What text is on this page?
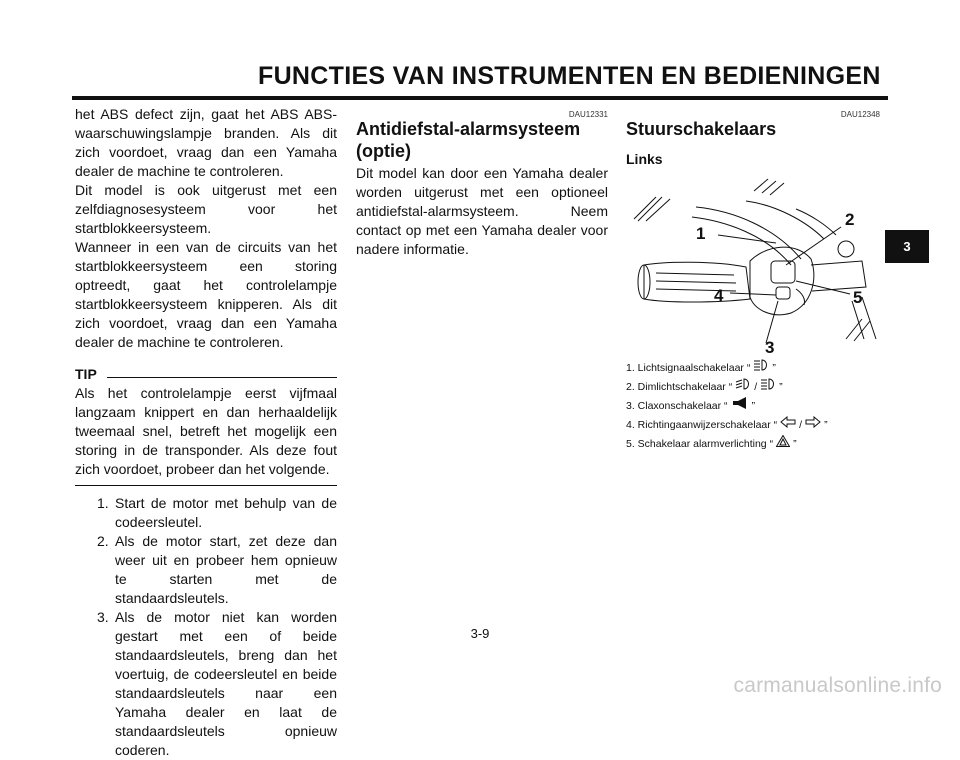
FUNCTIES VAN INSTRUMENTEN EN BEDIENINGEN

het ABS defect zijn, gaat het ABS ABS-waarschuwingslampje branden. Als dit zich voordoet, vraag dan een Yamaha dealer de machine te controleren.

Dit model is ook uitgerust met een zelfdiagnosesysteem voor het startblokkeersysteem.

Wanneer in een van de circuits van het startblokkeersysteem een storing optreedt, gaat het controlelampje startblokkeersysteem knipperen. Als dit zich voordoet, vraag dan een Yamaha dealer de machine te controleren.

TIP

Als het controlelampje eerst vijfmaal langzaam knippert en dan herhaaldelijk tweemaal snel, betreft het mogelijk een storing in de transponder. Als deze fout zich voordoet, probeer dan het volgende.

1. Start de motor met behulp van de codeersleutel.
2. Als de motor start, zet deze dan weer uit en probeer hem opnieuw te starten met de standaardsleutels.
3. Als de motor niet kan worden gestart met een of beide standaardsleutels, breng dan het voertuig, de codeersleutel en beide standaardsleutels naar een Yamaha dealer en laat de standaardsleutels opnieuw coderen.
DAU12331
Antidiefstal-alarmsysteem (optie)

Dit model kan door een Yamaha dealer worden uitgerust met een optioneel antidiefstal-alarmsysteem. Neem contact op met een Yamaha dealer voor nadere informatie.

DAU12348
Stuurschakelaars
Links
1
2
3
4	5
1. Lichtsignaalschakelaar “ ”
2. Dimlichtschakelaar “ / ”
3. Claxonschakelaar “ ”
4. Richtingaanwijzerschakelaar “ / ”
5. Schakelaar alarmverlichting “ ”
3
3-9
carmanualsonline.info
